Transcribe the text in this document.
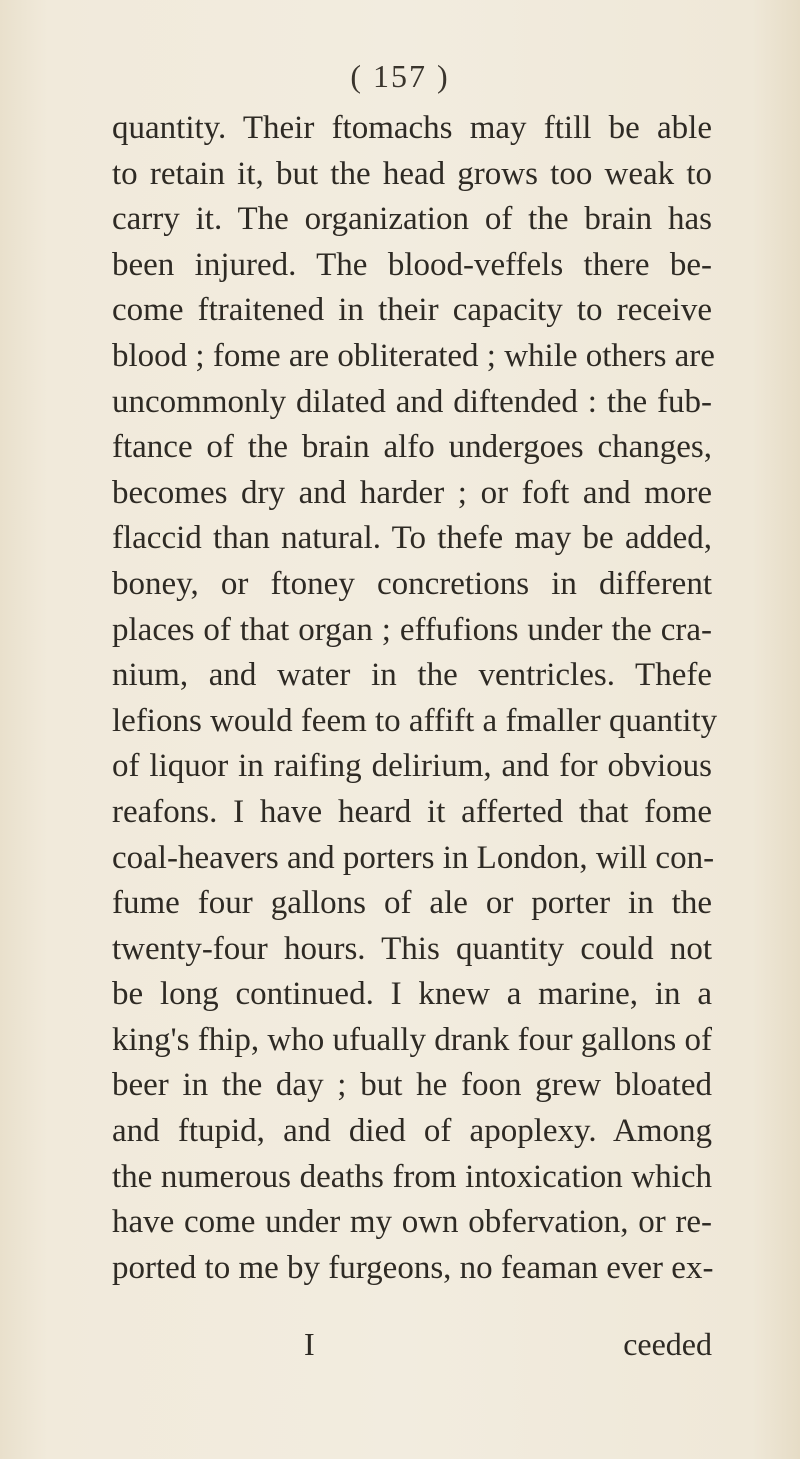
( 157 )
quantity. Their ftomachs may ftill be able
to retain it, but the head grows too weak to
carry it. The organization of the brain has
been injured. The blood-veffels there be-
come ftraitened in their capacity to receive
blood ; fome are obliterated ; while others are
uncommonly dilated and diftended : the fub-
ftance of the brain alfo undergoes changes,
becomes dry and harder ; or foft and more
flaccid than natural. To thefe may be added,
boney, or ftoney concretions in different
places of that organ ; effufions under the cra-
nium, and water in the ventricles. Thefe
lefions would feem to affift a fmaller quantity
of liquor in raifing delirium, and for obvious
reafons. I have heard it afferted that fome
coal-heavers and porters in London, will con-
fume four gallons of ale or porter in the
twenty-four hours. This quantity could not
be long continued. I knew a marine, in a
king's fhip, who ufually drank four gallons of
beer in the day ; but he foon grew bloated
and ftupid, and died of apoplexy. Among
the numerous deaths from intoxication which
have come under my own obfervation, or re-
ported to me by furgeons, no feaman ever ex-
I	ceeded
